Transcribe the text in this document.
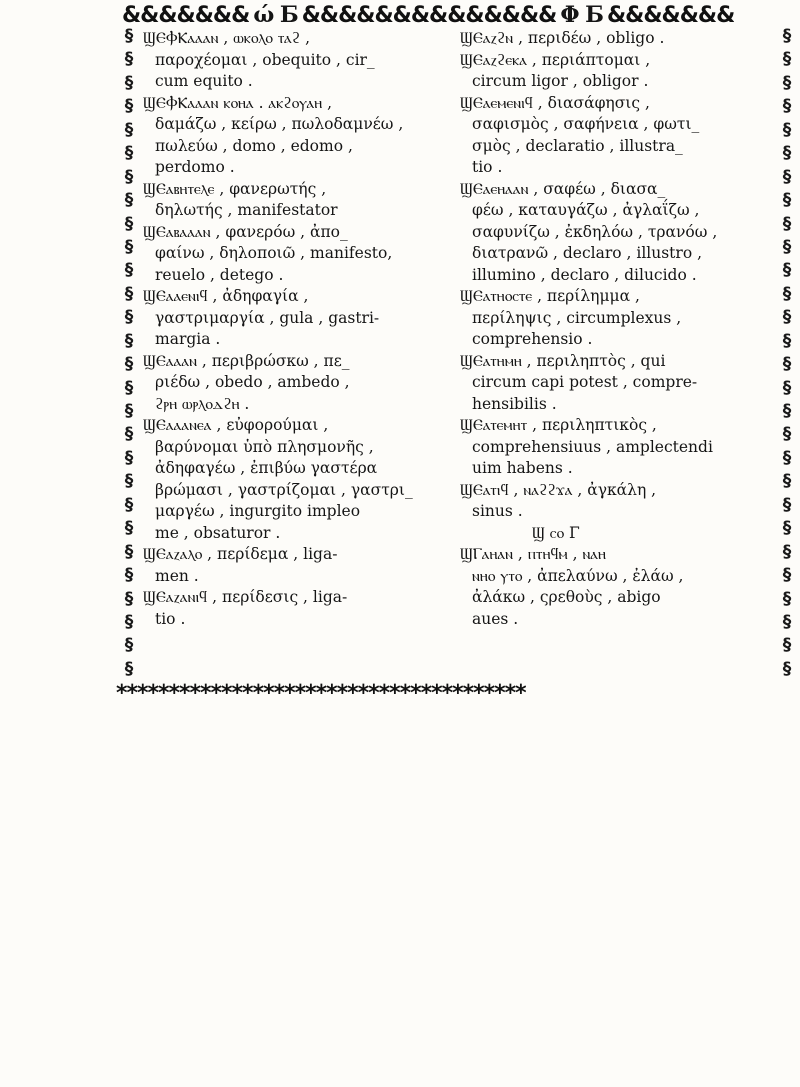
&&&&&&& ώ Б &&&&&&&&&&&&&& Φ Б &&&&&&&
§
§
§
§
§
§
§
§
§
§
§
§
§
§
§
§
§
§
§
§
§
§
§
§
§
§
§
§
§
§
§
§
§
§
§
§
§
§
§
§
§
§
§
§
§
§
§
§
§
§
§
§
§
§
§
§
ϢⲈⲪⲔⲁⲁⲁⲛ , ⲱⲕⲟⲗⲟ ⲧⲁϩ ,
παρoχέομαι , obequito , cir_
cum equito .
ϢⲈⲪⲔⲁⲁⲁⲛ ⲕⲟⲏⲁ . ⲁⲕϩⲟⲩⲁⲏ ,
δαμάζω , κείρω , πωλοδαμνέω ,
πωλεύω , domo , edomo ,
perdomo .
ϢⲈⲁⲃⲏⲧⲉⲗⲉ , φανερωτής ,
δηλωτής , manifestator
ϢⲈⲁⲃⲁⲁⲁⲛ , φανερόω , ἀπο_
φαίνω , δηλοποιῶ , manifesto,
reuelo , detego .
ϢⲈⲁⲁⲉⲛⲓϥ , ἀδηφαγία ,
γαστριμαργία , gula , gastri-
margia .
ϢⲈⲁⲁⲁⲛ , περιβρώσκω , πε_
ριέδω , obedo , ambedo ,
ϩⲣⲏ ⲱⲣⲗⲟⲇϩⲏ .
ϢⲈⲁⲁⲁⲛⲉⲁ , εὐφορούμαι ,
βαρύνομαι ὑπὸ πλησμονῆς ,
ἀδηφαγέω , ἐπιβύω γαστέρα
βρώμασι , γαστρίζομαι , γαστρι_
μαργέω , ingurgito impleo
me , obsaturor .
ϢⲈⲁⲍⲁⲗⲟ , περίδεμα , liga-
men .
ϢⲈⲁⲍⲁⲛⲓϥ , περίδεσις , liga-
tio .
ϢⲈⲁⲍϩⲛ , περιδέω , obligo .
ϢⲈⲁⲍϩⲉⲕⲁ , περιάπτομαι ,
circum ligor , obligor .
ϢⲈⲁⲉⲙⲉⲛⲓϥ , διασάφησις ,
σαφισμὸς , σαφήνεια , φωτι_
σμὸς , declaratio , illustra_
tio .
ϢⲈⲁⲉⲏⲁⲁⲛ , σαφέω , διασα_
φέω , καταυγάζω , ἀγλαΐζω ,
σαφυνίζω , ἐκδηλόω , τρανόω ,
διατρανῶ , declaro , illustro ,
illumino , declaro , dilucido .
ϢⲈⲁⲧⲏⲟⲥⲧⲉ , περίλημμα ,
περίληψις , circumplexus ,
comprehensio .
ϢⲈⲁⲧⲏⲙⲏ , περιληπτὸς , qui
circum capi potest , compre-
hensibilis .
ϢⲈⲁⲧⲉⲙⲏⲧ , περιληπτικὸς ,
comprehensiuus , amplectendi
uim habens .
ϢⲈⲁⲧⲓϥ , ⲛⲁϩϩϫⲁ , ἀγκάλη ,
sinus .
Ϣ ⲥⲟ Γ
ϢⲄⲁⲏⲁⲛ , ⲡⲧⲏϥⲙ , ⲛⲁⲏ
ⲛⲏⲟ ⲩⲧⲟ , ἀπελαύνω , ἐλάω ,
ἀλάκω , ςρεθοὺς , abigo
aues .
***************************************
